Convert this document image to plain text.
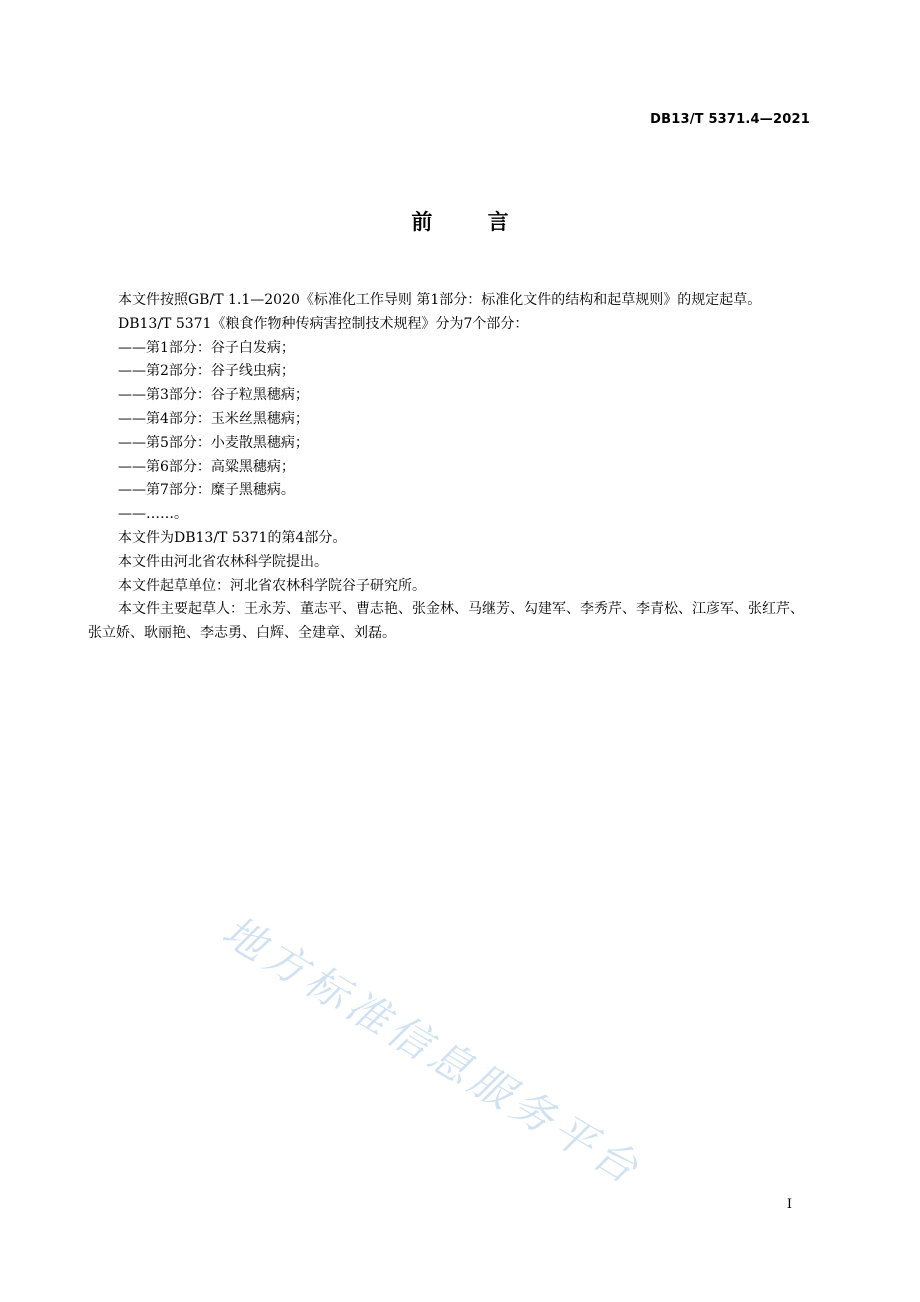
DB13/T 5371.4—2021
前 言

本文件按照GB/T 1.1—2020《标准化工作导则 第1部分：标准化文件的结构和起草规则》的规定起草。

DB13/T 5371《粮食作物种传病害控制技术规程》分为7个部分：

——第1部分：谷子白发病；

——第2部分：谷子线虫病；

——第3部分：谷子粒黑穗病；

——第4部分：玉米丝黑穗病；

——第5部分：小麦散黑穗病；

——第6部分：高粱黑穗病；

——第7部分：糜子黑穗病。

——……。

本文件为DB13/T 5371的第4部分。

本文件由河北省农林科学院提出。

本文件起草单位：河北省农林科学院谷子研究所。

本文件主要起草人：王永芳、董志平、曹志艳、张金林、马继芳、勾建军、李秀芹、李青松、江彦军、张红芹、张立娇、耿丽艳、李志勇、白辉、全建章、刘磊。

地方标准信息服务平台
I
